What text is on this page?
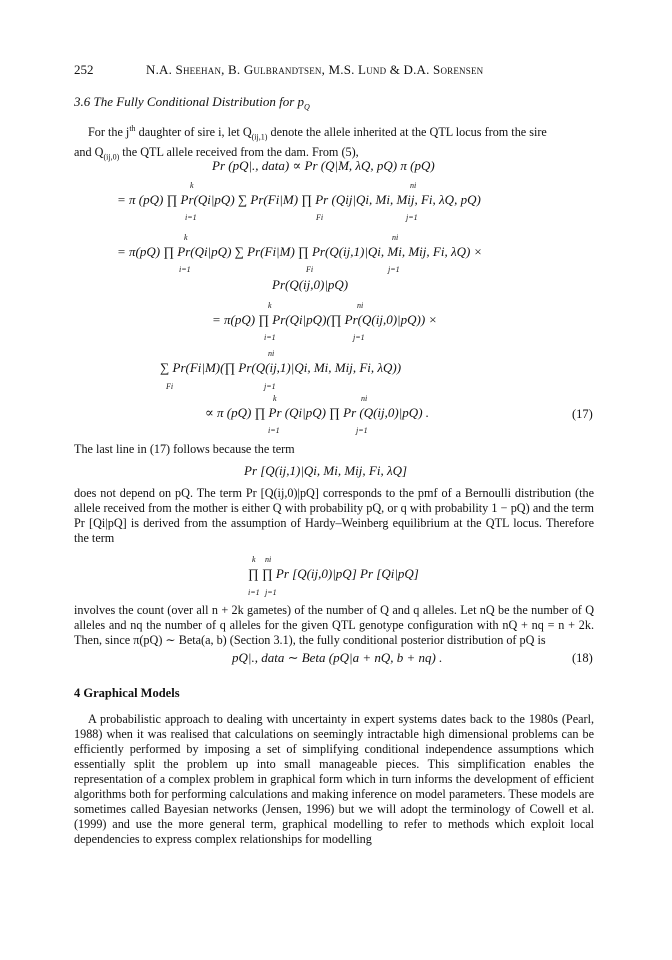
252	N.A. Sheehan, B. Gulbrandtsen, M.S. Lund & D.A. Sorensen
3.6 The Fully Conditional Distribution for $p_Q$

For the $j^{th}$ daughter of sire i, let $Q_{(ij,1)}$ denote the allele inherited at the QTL locus from the sire

and $Q_{(ij,0)}$ the QTL allele received from the dam. From (5),

Pr (pQ|., data) ∝ Pr (Q|M, λQ, pQ) π (pQ)
= π (pQ) ∏ Pr(Qi|pQ) ∑ Pr(Fi|M) ∏ Pr (Qij|Qi, Mi, Mij, Fi, λQ, pQ)
k
i=1	Fi
ni
j=1
= π(pQ) ∏ Pr(Qi|pQ) ∑ Pr(Fi|M) ∏ Pr(Q(ij,1)|Qi, Mi, Mij, Fi, λQ) ×
k
i=1	Fi
ni
j=1
Pr(Q(ij,0)|pQ)
= π(pQ) ∏ Pr(Qi|pQ)(∏ Pr(Q(ij,0)|pQ)) ×
k
i=1
ni
j=1
∑ Pr(Fi|M)(∏ Pr(Q(ij,1)|Qi, Mi, Mij, Fi, λQ))
Fi
ni
j=1
∝ π (pQ) ∏ Pr (Qi|pQ) ∏ Pr (Q(ij,0)|pQ) .
k
i=1
ni
j=1
(17)

The last line in (17) follows because the term

Pr [Q(ij,1)|Qi, Mi, Mij, Fi, λQ]

does not depend on pQ. The term Pr [Q(ij,0)|pQ] corresponds to the pmf of a Bernoulli distribution (the allele received from the mother is either Q with probability pQ, or q with probability 1 − pQ) and the term Pr [Qi|pQ] is derived from the assumption of Hardy–Weinberg equilibrium at the QTL locus. Therefore the term

∏ ∏ Pr [Q(ij,0)|pQ] Pr [Qi|pQ]
k ni
i=1 j=1

involves the count (over all n + 2k gametes) of the number of Q and q alleles. Let nQ be the number of Q alleles and nq the number of q alleles for the given QTL genotype configuration with nQ + nq = n + 2k. Then, since π(pQ) ∼ Beta(a, b) (Section 3.1), the fully conditional posterior distribution of pQ is

pQ|., data ∼ Beta (pQ|a + nQ, b + nq) .	(18)
4 Graphical Models

A probabilistic approach to dealing with uncertainty in expert systems dates back to the 1980s (Pearl, 1988) when it was realised that calculations on seemingly intractable high dimensional problems can be efficiently performed by imposing a set of simplifying conditional independence assumptions which essentially split the problem up into small manageable pieces. This simplification enables the representation of a complex problem in graphical form which in turn informs the development of efficient algorithms both for performing calculations and making inference on model parameters. These models are sometimes called Bayesian networks (Jensen, 1996) but we will adopt the terminology of Cowell et al. (1999) and use the more general term, graphical modelling to refer to methods which exploit local dependencies to express complex relationships for modelling
